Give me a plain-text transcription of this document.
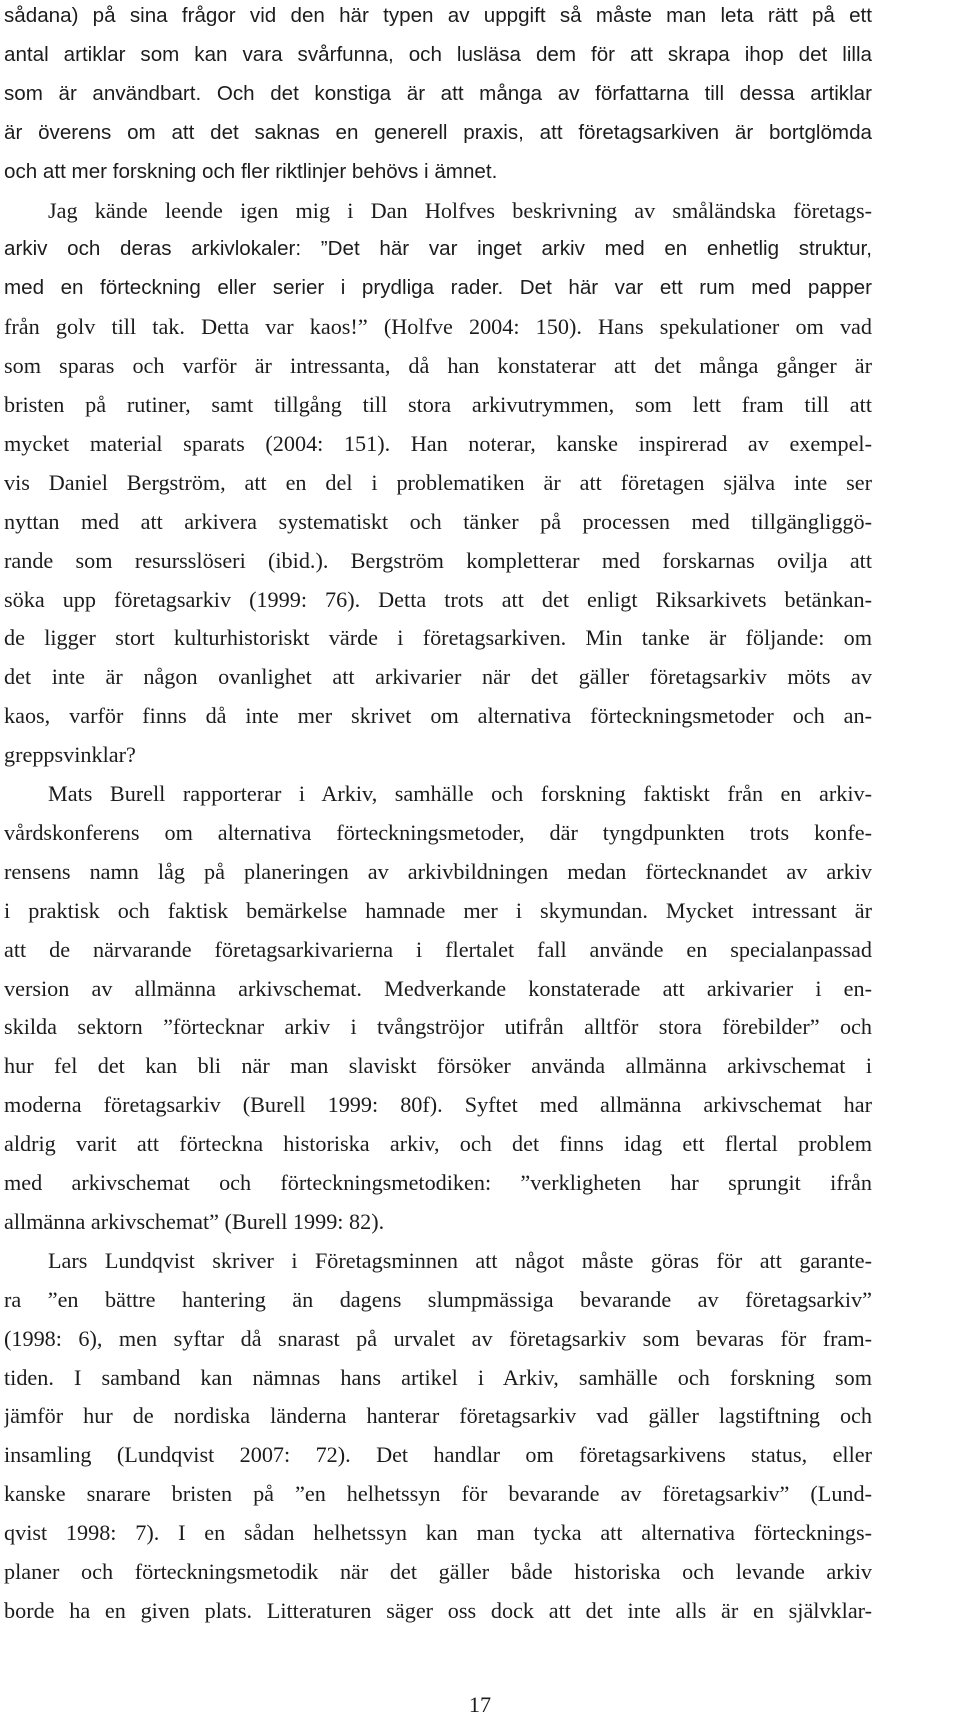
sådana) på sina frågor vid den här typen av uppgift så måste man leta rätt på ett
antal artiklar som kan vara svårfunna, och lusläsa dem för att skrapa ihop det lilla
som är användbart. Och det konstiga är att många av författarna till dessa artiklar
är överens om att det saknas en generell praxis, att företagsarkiven är bortglömda
och att mer forskning och fler riktlinjer behövs i ämnet.
Jag kände leende igen mig i Dan Holfves beskrivning av småländska företags-
arkiv och deras arkivlokaler: ”Det här var inget arkiv med en enhetlig struktur,
med en förteckning eller serier i prydliga rader. Det här var ett rum med papper
från golv till tak. Detta var kaos!” (Holfve 2004: 150). Hans spekulationer om vad
som sparas och varför är intressanta, då han konstaterar att det många gånger är
bristen på rutiner, samt tillgång till stora arkivutrymmen, som lett fram till att
mycket material sparats (2004: 151). Han noterar, kanske inspirerad av exempel-
vis Daniel Bergström, att en del i problematiken är att företagen själva inte ser
nyttan med att arkivera systematiskt och tänker på processen med tillgängliggö-
rande som resursslöseri (ibid.). Bergström kompletterar med forskarnas ovilja att
söka upp företagsarkiv (1999: 76). Detta trots att det enligt Riksarkivets betänkan-
de ligger stort kulturhistoriskt värde i företagsarkiven. Min tanke är följande: om
det inte är någon ovanlighet att arkivarier när det gäller företagsarkiv möts av
kaos, varför finns då inte mer skrivet om alternativa förteckningsmetoder och an-
greppsvinklar?
Mats Burell rapporterar i Arkiv, samhälle och forskning faktiskt från en arkiv-
vårdskonferens om alternativa förteckningsmetoder, där tyngdpunkten trots konfe-
rensens namn låg på planeringen av arkivbildningen medan förtecknandet av arkiv
i praktisk och faktisk bemärkelse hamnade mer i skymundan. Mycket intressant är
att de närvarande företagsarkivarierna i flertalet fall använde en specialanpassad
version av allmänna arkivschemat. Medverkande konstaterade att arkivarier i en-
skilda sektorn ”förtecknar arkiv i tvångströjor utifrån alltför stora förebilder” och
hur fel det kan bli när man slaviskt försöker använda allmänna arkivschemat i
moderna företagsarkiv (Burell 1999: 80f). Syftet med allmänna arkivschemat har
aldrig varit att förteckna historiska arkiv, och det finns idag ett flertal problem
med arkivschemat och förteckningsmetodiken: ”verkligheten har sprungit ifrån
allmänna arkivschemat” (Burell 1999: 82).
Lars Lundqvist skriver i Företagsminnen att något måste göras för att garante-
ra ”en bättre hantering än dagens slumpmässiga bevarande av företagsarkiv”
(1998: 6), men syftar då snarast på urvalet av företagsarkiv som bevaras för fram-
tiden. I samband kan nämnas hans artikel i Arkiv, samhälle och forskning som
jämför hur de nordiska länderna hanterar företagsarkiv vad gäller lagstiftning och
insamling (Lundqvist 2007: 72). Det handlar om företagsarkivens status, eller
kanske snarare bristen på ”en helhetssyn för bevarande av företagsarkiv” (Lund-
qvist 1998: 7). I en sådan helhetssyn kan man tycka att alternativa förtecknings-
planer och förteckningsmetodik när det gäller både historiska och levande arkiv
borde ha en given plats. Litteraturen säger oss dock att det inte alls är en självklar-
17
